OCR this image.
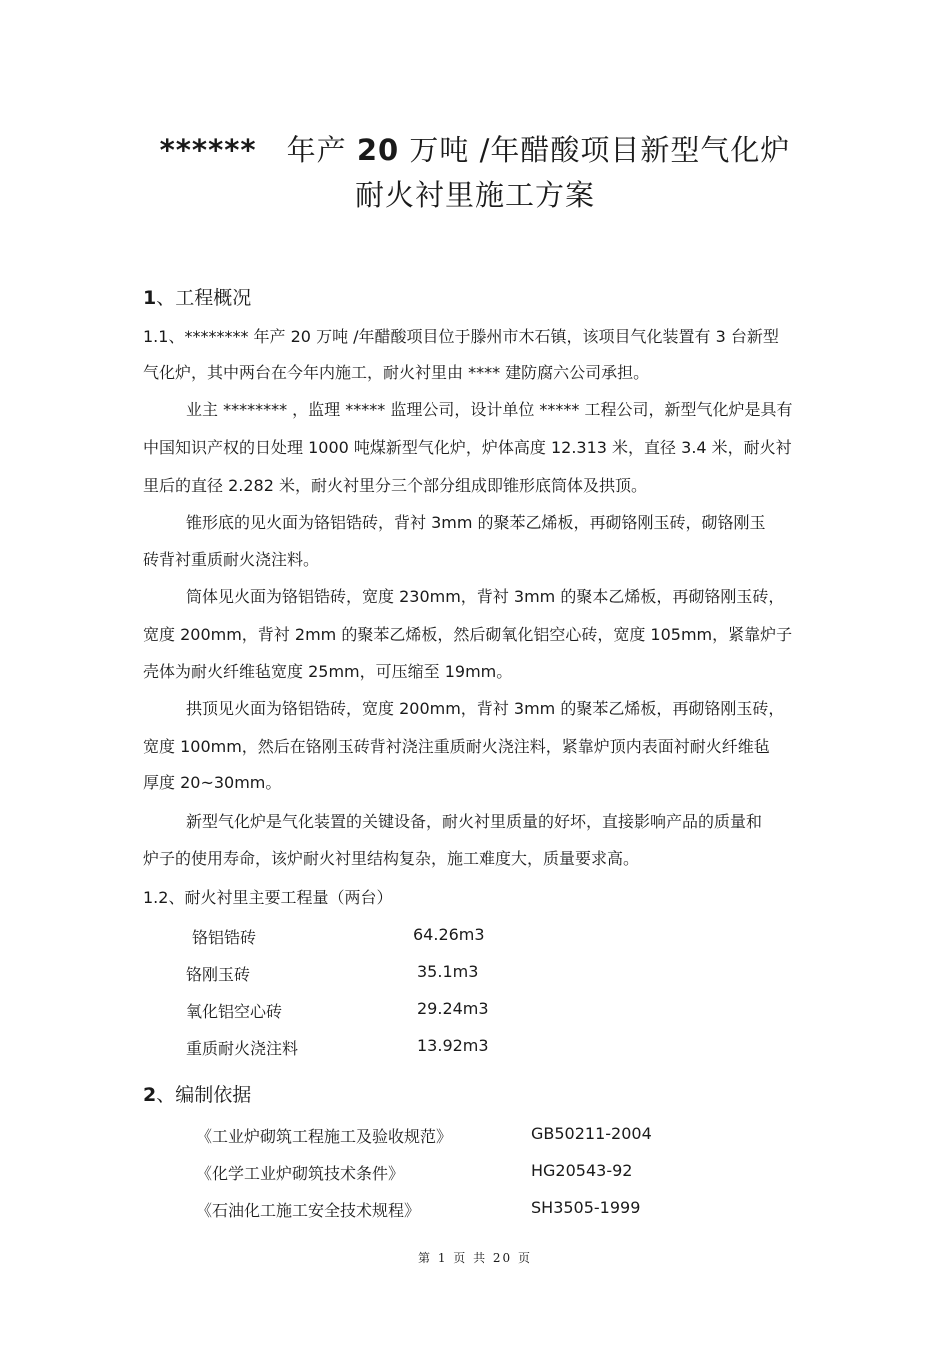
****** 年产 20 万吨 /年醋酸项目新型气化炉
耐火衬里施工方案
1、工程概况
1.1、******** 年产 20 万吨 /年醋酸项目位于滕州市木石镇，该项目气化装置有 3 台新型
气化炉，其中两台在今年内施工，耐火衬里由 **** 建防腐六公司承担。
业主 ******** ，监理 ***** 监理公司，设计单位 ***** 工程公司，新型气化炉是具有
中国知识产权的日处理 1000 吨煤新型气化炉，炉体高度 12.313 米，直径 3.4 米，耐火衬
里后的直径 2.282 米，耐火衬里分三个部分组成即锥形底筒体及拱顶。
锥形底的见火面为铬铝锆砖，背衬 3mm 的聚苯乙烯板，再砌铬刚玉砖，砌铬刚玉
砖背衬重质耐火浇注料。
筒体见火面为铬铝锆砖，宽度 230mm，背衬 3mm 的聚本乙烯板，再砌铬刚玉砖，
宽度 200mm，背衬 2mm 的聚苯乙烯板，然后砌氧化铝空心砖，宽度 105mm，紧靠炉子
壳体为耐火纤维毡宽度 25mm，可压缩至 19mm。
拱顶见火面为铬铝锆砖，宽度 200mm，背衬 3mm 的聚苯乙烯板，再砌铬刚玉砖，
宽度 100mm，然后在铬刚玉砖背衬浇注重质耐火浇注料，紧靠炉顶内表面衬耐火纤维毡
厚度 20~30mm。
新型气化炉是气化装置的关键设备，耐火衬里质量的好坏，直接影响产品的质量和
炉子的使用寿命，该炉耐火衬里结构复杂，施工难度大，质量要求高。
1.2、耐火衬里主要工程量（两台）
铬铝锆砖	64.26m3
铬刚玉砖	35.1m3
氧化铝空心砖	29.24m3
重质耐火浇注料	13.92m3
2、编制依据
《工业炉砌筑工程施工及验收规范》	GB50211-2004
《化学工业炉砌筑技术条件》	HG20543-92
《石油化工施工安全技术规程》	SH3505-1999
第 1 页 共 20 页
